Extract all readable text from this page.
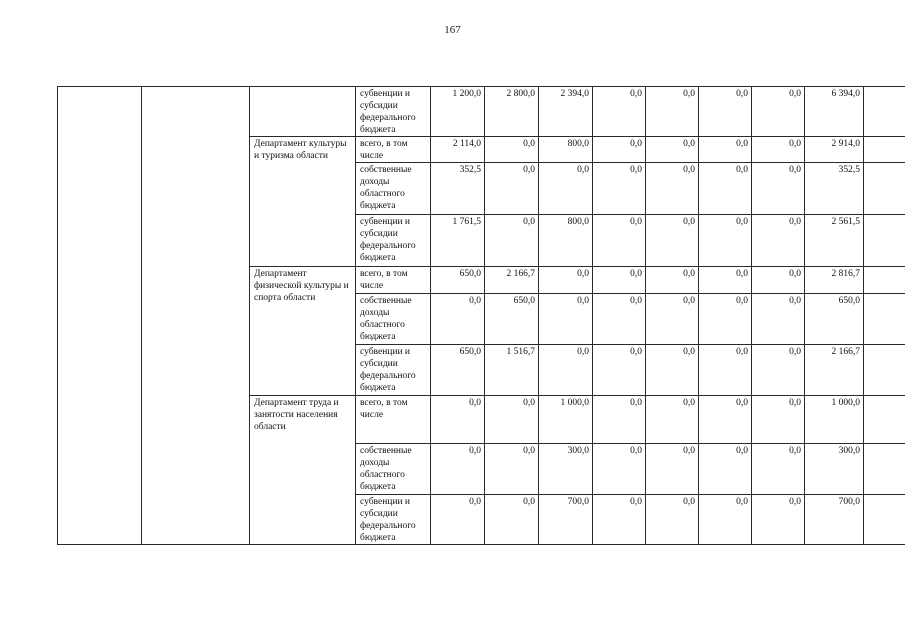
167
			субвенции и субсидии федерального бюджета	1 200,0	2 800,0	2 394,0	0,0	0,0	0,0	0,0	6 394,0	
		Департамент культуры и туризма области	всего, в том числе	2 114,0	0,0	800,0	0,0	0,0	0,0	0,0	2 914,0	
			собственные доходы областного бюджета	352,5	0,0	0,0	0,0	0,0	0,0	0,0	352,5	
			субвенции и субсидии федерального бюджета	1 761,5	0,0	800,0	0,0	0,0	0,0	0,0	2 561,5	
		Департамент физической культуры и спорта области	всего, в том числе	650,0	2 166,7	0,0	0,0	0,0	0,0	0,0	2 816,7	
			собственные доходы областного бюджета	0,0	650,0	0,0	0,0	0,0	0,0	0,0	650,0	
			субвенции и субсидии федерального бюджета	650,0	1 516,7	0,0	0,0	0,0	0,0	0,0	2 166,7	
		Департамент труда и занятости населения области	всего, в том числе	0,0	0,0	1 000,0	0,0	0,0	0,0	0,0	1 000,0	
			собственные доходы областного бюджета	0,0	0,0	300,0	0,0	0,0	0,0	0,0	300,0	
			субвенции и субсидии федерального бюджета	0,0	0,0	700,0	0,0	0,0	0,0	0,0	700,0	
